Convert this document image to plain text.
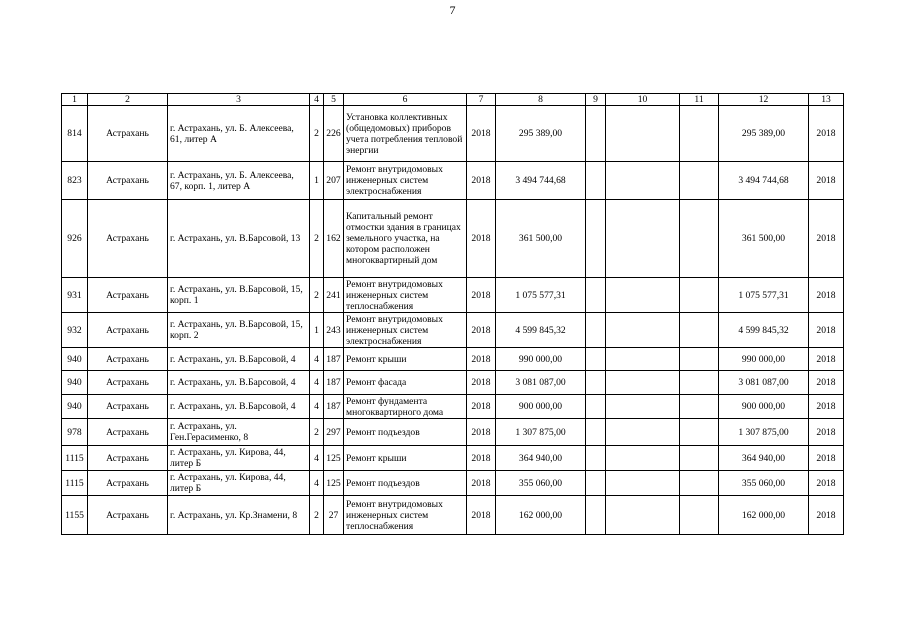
7
1	2	3	4	5	6	7	8	9	10	11	12	13
814	Астрахань	г. Астрахань, ул. Б. Алексеева, 61, литер А	2	226	Установка коллективных (общедомовых) приборов учета потребления тепловой энергии	2018	295 389,00				295 389,00	2018
823	Астрахань	г. Астрахань, ул. Б. Алексеева, 67, корп. 1, литер А	1	207	Ремонт внутридомовых инженерных систем электроснабжения	2018	3 494 744,68				3 494 744,68	2018
926	Астрахань	г. Астрахань, ул. В.Барсовой, 13	2	162	Капитальный ремонт отмостки здания в границах земельного участка, на котором расположен многоквартирный дом	2018	361 500,00				361 500,00	2018
931	Астрахань	г. Астрахань, ул. В.Барсовой, 15, корп. 1	2	241	Ремонт внутридомовых инженерных систем теплоснабжения	2018	1 075 577,31				1 075 577,31	2018
932	Астрахань	г. Астрахань, ул. В.Барсовой, 15, корп. 2	1	243	Ремонт внутридомовых инженерных систем электроснабжения	2018	4 599 845,32				4 599 845,32	2018
940	Астрахань	г. Астрахань, ул. В.Барсовой, 4	4	187	Ремонт крыши	2018	990 000,00				990 000,00	2018
940	Астрахань	г. Астрахань, ул. В.Барсовой, 4	4	187	Ремонт фасада	2018	3 081 087,00				3 081 087,00	2018
940	Астрахань	г. Астрахань, ул. В.Барсовой, 4	4	187	Ремонт фундамента многоквартирного дома	2018	900 000,00				900 000,00	2018
978	Астрахань	г. Астрахань, ул. Ген.Герасименко, 8	2	297	Ремонт подъездов	2018	1 307 875,00				1 307 875,00	2018
1115	Астрахань	г. Астрахань, ул. Кирова, 44, литер Б	4	125	Ремонт крыши	2018	364 940,00				364 940,00	2018
1115	Астрахань	г. Астрахань, ул. Кирова, 44, литер Б	4	125	Ремонт подъездов	2018	355 060,00				355 060,00	2018
1155	Астрахань	г. Астрахань, ул. Кр.Знамени, 8	2	27	Ремонт внутридомовых инженерных систем теплоснабжения	2018	162 000,00				162 000,00	2018
